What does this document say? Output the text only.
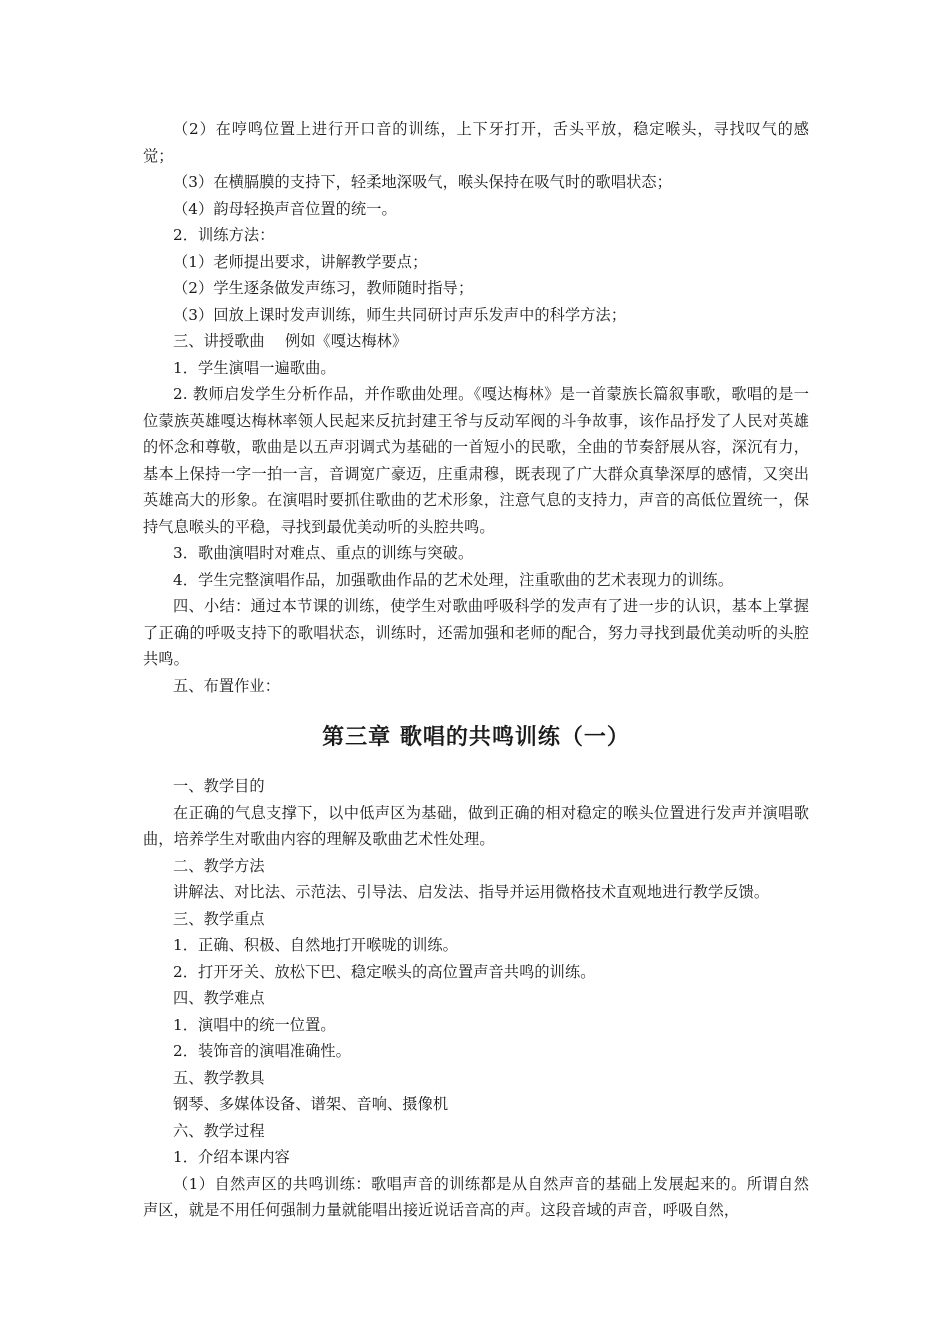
（2）在哼鸣位置上进行开口音的训练，上下牙打开，舌头平放，稳定喉头，寻找叹气的感觉；

（3）在横膈膜的支持下，轻柔地深吸气，喉头保持在吸气时的歌唱状态；

（4）韵母轻换声音位置的统一。

2．训练方法：

（1）老师提出要求，讲解教学要点；

（2）学生逐条做发声练习，教师随时指导；

（3）回放上课时发声训练，师生共同研讨声乐发声中的科学方法；

三、讲授歌曲　 例如《嘎达梅林》

1．学生演唱一遍歌曲。

2. 教师启发学生分析作品，并作歌曲处理。《嘎达梅林》是一首蒙族长篇叙事歌，歌唱的是一位蒙族英雄嘎达梅林率领人民起来反抗封建王爷与反动军阀的斗争故事，该作品抒发了人民对英雄的怀念和尊敬，歌曲是以五声羽调式为基础的一首短小的民歌，全曲的节奏舒展从容，深沉有力，基本上保持一字一拍一言，音调宽广豪迈，庄重肃穆，既表现了广大群众真挚深厚的感情，又突出英雄高大的形象。在演唱时要抓住歌曲的艺术形象，注意气息的支持力，声音的高低位置统一，保持气息喉头的平稳，寻找到最优美动听的头腔共鸣。

3．歌曲演唱时对难点、重点的训练与突破。

4．学生完整演唱作品，加强歌曲作品的艺术处理，注重歌曲的艺术表现力的训练。

四、小结：通过本节课的训练，使学生对歌曲呼吸科学的发声有了进一步的认识，基本上掌握了正确的呼吸支持下的歌唱状态，训练时，还需加强和老师的配合，努力寻找到最优美动听的头腔共鸣。

五、布置作业：

第三章 歌唱的共鸣训练（一）

一、教学目的

在正确的气息支撑下，以中低声区为基础，做到正确的相对稳定的喉头位置进行发声并演唱歌曲，培养学生对歌曲内容的理解及歌曲艺术性处理。

二、教学方法

讲解法、对比法、示范法、引导法、启发法、指导并运用微格技术直观地进行教学反馈。

三、教学重点

1．正确、积极、自然地打开喉咙的训练。

2．打开牙关、放松下巴、稳定喉头的高位置声音共鸣的训练。

四、教学难点

1．演唱中的统一位置。

2．装饰音的演唱准确性。

五、教学教具

钢琴、多媒体设备、谱架、音响、摄像机

六、教学过程

1．介绍本课内容

（1）自然声区的共鸣训练：歌唱声音的训练都是从自然声音的基础上发展起来的。所谓自然声区，就是不用任何强制力量就能唱出接近说话音高的声。这段音域的声音，呼吸自然，
